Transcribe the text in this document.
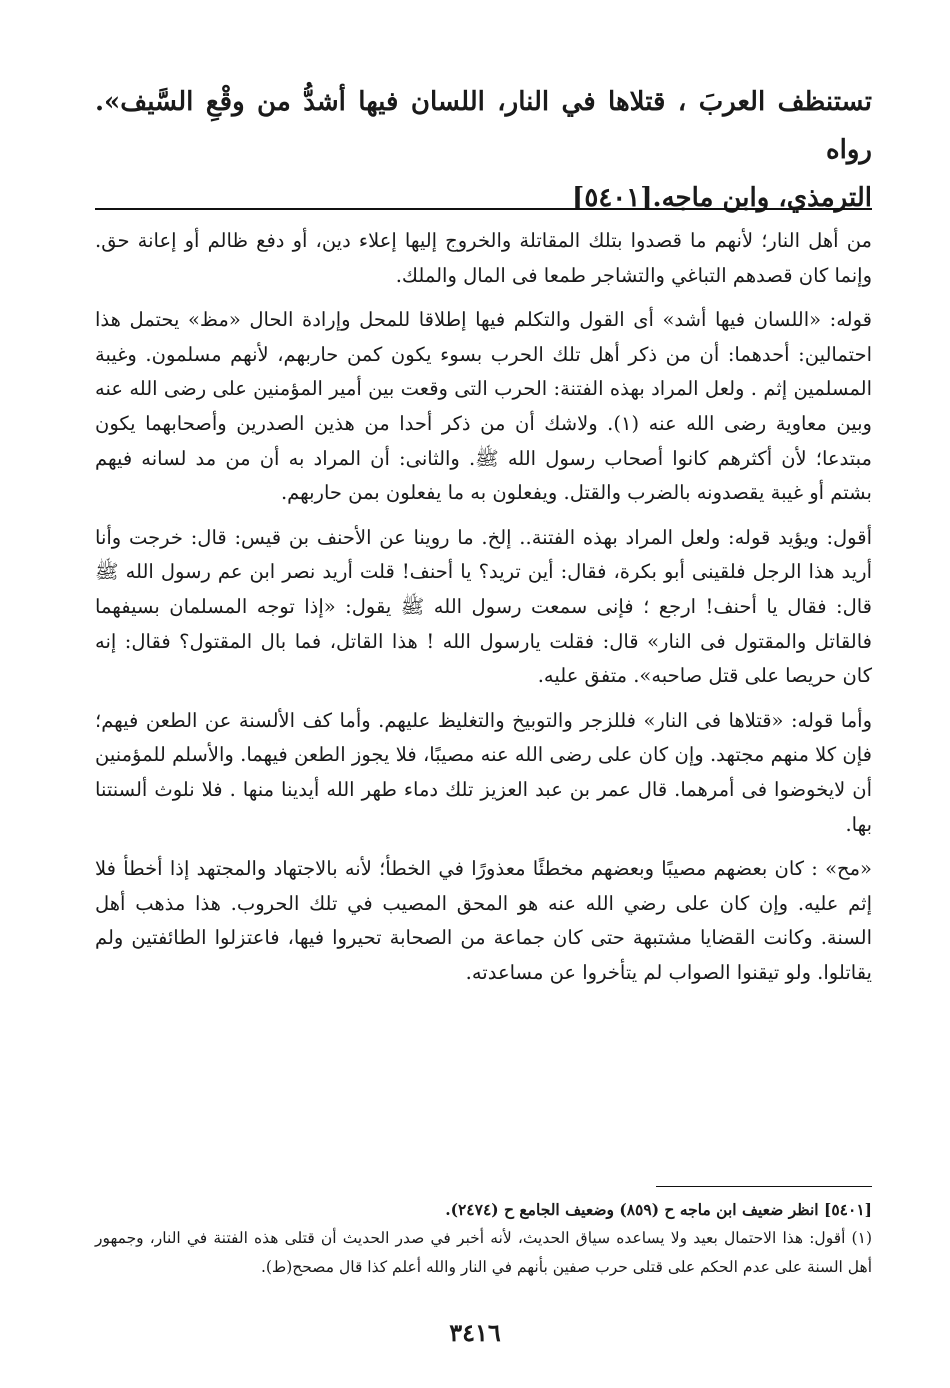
تستنظف العربَ ، قتلاها في النار، اللسان فيها أشدُّ من وقْعِ السَّيف». رواه
الترمذي، وابن ماجه.[٥٤٠١]

من أهل النار؛ لأنهم ما قصدوا بتلك المقاتلة والخروج إليها إعلاء دين، أو دفع ظالم أو إعانة حق. وإنما كان قصدهم التباغي والتشاجر طمعا فى المال والملك.

قوله: «اللسان فيها أشد» أى القول والتكلم فيها إطلاقا للمحل وإرادة الحال «مظ» يحتمل هذا احتمالين: أحدهما: أن من ذكر أهل تلك الحرب بسوء يكون كمن حاربهم، لأنهم مسلمون. وغيبة المسلمين إثم . ولعل المراد بهذه الفتنة: الحرب التى وقعت بين أمير المؤمنين على رضى الله عنه وبين معاوية رضى الله عنه (١). ولاشك أن من ذكر أحدا من هذين الصدرين وأصحابهما يكون مبتدعا؛ لأن أكثرهم كانوا أصحاب رسول الله ﷺ. والثانى: أن المراد به أن من مد لسانه فيهم بشتم أو غيبة يقصدونه بالضرب والقتل. ويفعلون به ما يفعلون بمن حاربهم.

أقول: ويؤيد قوله: ولعل المراد بهذه الفتنة.. إلخ. ما روينا عن الأحنف بن قيس: قال: خرجت وأنا أريد هذا الرجل فلقينى أبو بكرة، فقال: أين تريد؟ يا أحنف! قلت أريد نصر ابن عم رسول الله ﷺ قال: فقال يا أحنف! ارجع ؛ فإنى سمعت رسول الله ﷺ يقول: «إذا توجه المسلمان بسيفهما فالقاتل والمقتول فى النار» قال: فقلت يارسول الله ! هذا القاتل، فما بال المقتول؟ فقال: إنه كان حريصا على قتل صاحبه». متفق عليه.

وأما قوله: «قتلاها فى النار» فللزجر والتوبيخ والتغليظ عليهم. وأما كف الألسنة عن الطعن فيهم؛ فإن كلا منهم مجتهد. وإن كان على رضى الله عنه مصيبًا، فلا يجوز الطعن فيهما. والأسلم للمؤمنين أن لايخوضوا فى أمرهما. قال عمر بن عبد العزيز تلك دماء طهر الله أيدينا منها . فلا نلوث ألسنتنا بها.

«مح» : كان بعضهم مصيبًا وبعضهم مخطئًا معذورًا في الخطأ؛ لأنه بالاجتهاد والمجتهد إذا أخطأ فلا إثم عليه. وإن كان على رضي الله عنه هو المحق المصيب في تلك الحروب. هذا مذهب أهل السنة. وكانت القضايا مشتبهة حتى كان جماعة من الصحابة تحيروا فيها، فاعتزلوا الطائفتين ولم يقاتلوا. ولو تيقنوا الصواب لم يتأخروا عن مساعدته.

[٥٤٠١] انظر ضعيف ابن ماجه ح (٨٥٩) وضعيف الجامع ح (٢٤٧٤).

(١) أقول: هذا الاحتمال بعيد ولا يساعده سياق الحديث، لأنه أخبر في صدر الحديث أن قتلى هذه الفتنة في النار، وجمهور أهل السنة على عدم الحكم على قتلى حرب صفين بأنهم في النار والله أعلم كذا قال مصحح(ط).

٣٤١٦
